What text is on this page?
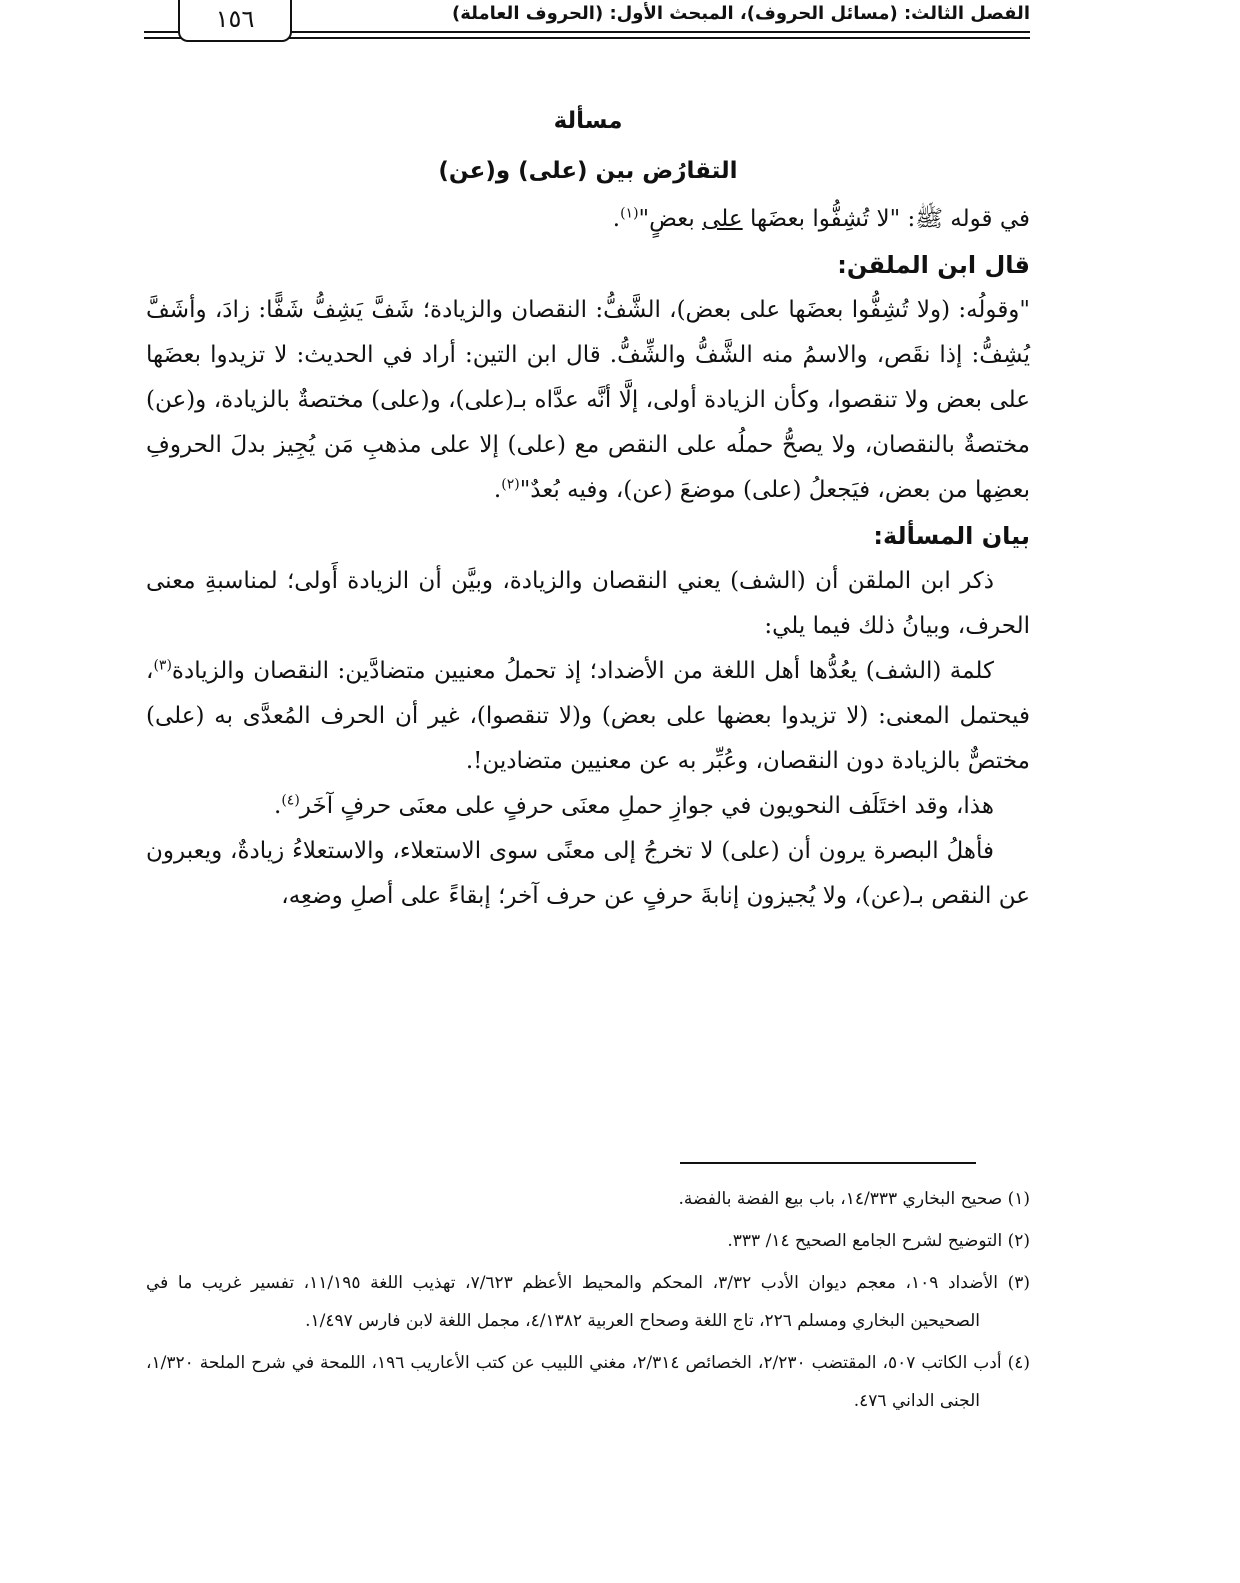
الفصل الثالث: (مسائل الحروف)، المبحث الأول: (الحروف العاملة)
١٥٦

مسألة

التقارُض بين (على) و(عن)

في قوله ﷺ: "لا تُشِفُّوا بعضَها على بعضٍ"$^{(١)}$.

قال ابن الملقن:

"وقولُه: (ولا تُشِفُّوا بعضَها على بعض)، الشَّفُّ: النقصان والزيادة؛ شَفَّ يَشِفُّ شَفًّا: زادَ، وأشَفَّ يُشِفُّ: إذا نقَص، والاسمُ منه الشَّفُّ والشِّفُّ. قال ابن التين: أراد في الحديث: لا تزيدوا بعضَها على بعض ولا تنقصوا، وكأن الزيادة أولى، إلَّا أنَّه عدَّاه بـ(على)، و(على) مختصةٌ بالزيادة، و(عن) مختصةٌ بالنقصان، ولا يصحُّ حملُه على النقص مع (على) إلا على مذهبِ مَن يُجِيز بدلَ الحروفِ بعضِها من بعض، فيَجعلُ (على) موضعَ (عن)، وفيه بُعدٌ"$^{(٢)}$.

بيان المسألة:

ذكر ابن الملقن أن (الشف) يعني النقصان والزيادة، وبيَّن أن الزيادة أَولى؛ لمناسبةِ معنى الحرف، وبيانُ ذلك فيما يلي:

كلمة (الشف) يعُدُّها أهل اللغة من الأضداد؛ إذ تحملُ معنيين متضادَّين: النقصان والزيادة$^{(٣)}$، فيحتمل المعنى: (لا تزيدوا بعضها على بعض) و(لا تنقصوا)، غير أن الحرف المُعدَّى به (على) مختصٌّ بالزيادة دون النقصان، وعُبِّر به عن معنيين متضادين!.

هذا، وقد اختَلَف النحويون في جوازِ حملِ معنَى حرفٍ على معنَى حرفٍ آخَر$^{(٤)}$.

فأهلُ البصرة يرون أن (على) لا تخرجُ إلى معنًى سوى الاستعلاء، والاستعلاءُ زيادةٌ، ويعبرون عن النقص بـ(عن)، ولا يُجيزون إنابةَ حرفٍ عن حرف آخر؛ إبقاءً على أصلِ وضعِه،

(١) صحيح البخاري ١٤/٣٣٣، باب بيع الفضة بالفضة.

(٢) التوضيح لشرح الجامع الصحيح ١٤/ ٣٣٣.

(٣) الأضداد ١٠٩، معجم ديوان الأدب ٣/٣٢، المحكم والمحيط الأعظم ٧/٦٢٣، تهذيب اللغة ١١/١٩٥، تفسير غريب ما في الصحيحين البخاري ومسلم ٢٢٦، تاج اللغة وصحاح العربية ٤/١٣٨٢، مجمل اللغة لابن فارس ١/٤٩٧.

(٤) أدب الكاتب ٥٠٧، المقتضب ٢/٢٣٠، الخصائص ٢/٣١٤، مغني اللبيب عن كتب الأعاريب ١٩٦، اللمحة في شرح الملحة ١/٣٢٠، الجنى الداني ٤٧٦.
